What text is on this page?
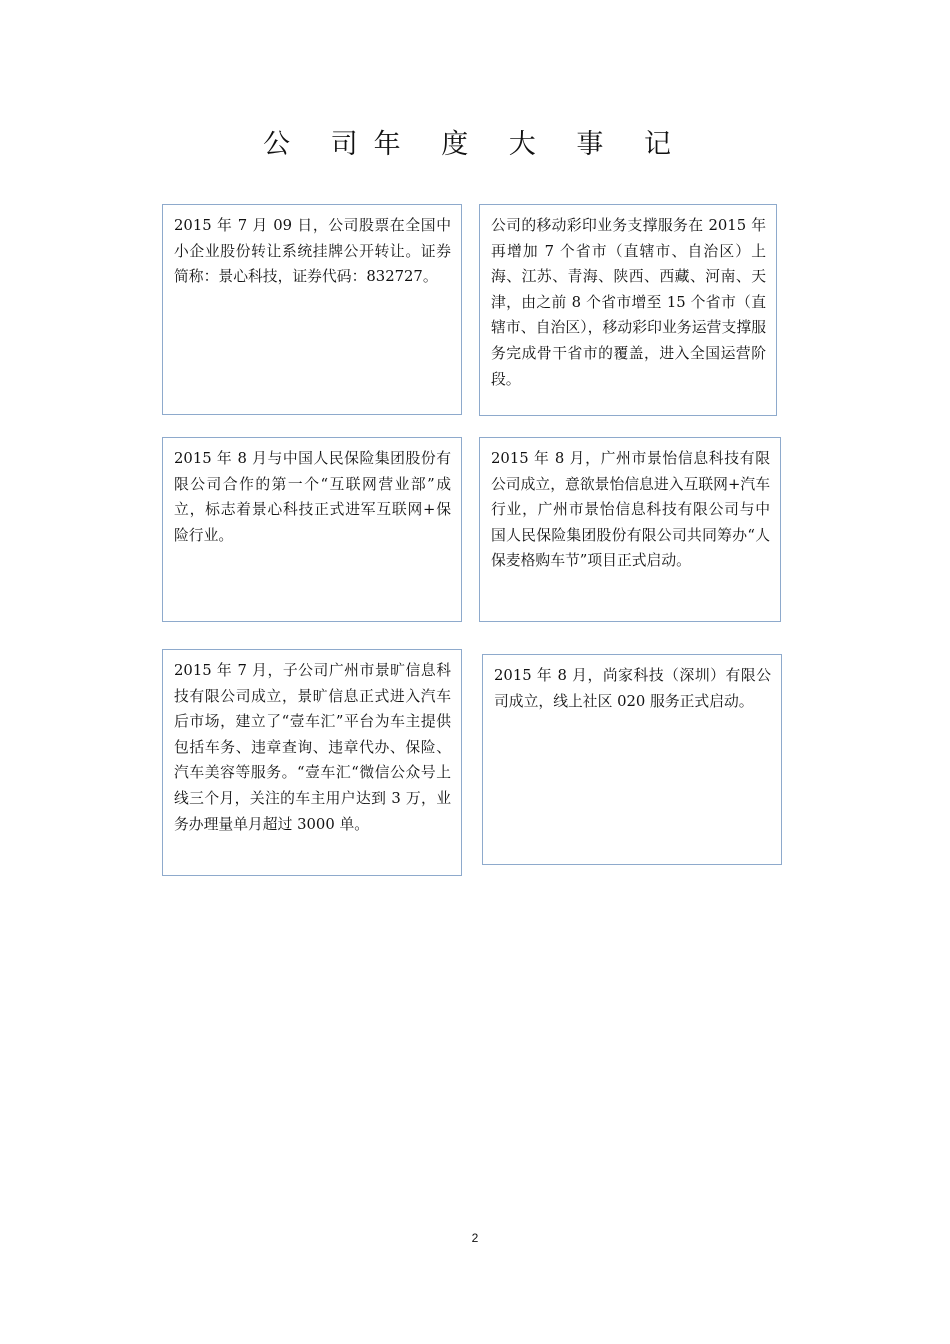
公 司年 度 大 事 记

2015 年 7 月 09 日，公司股票在全国中小企业股份转让系统挂牌公开转让。证券简称：景心科技，证券代码：832727。

公司的移动彩印业务支撑服务在 2015 年再增加 7 个省市（直辖市、自治区）上海、江苏、青海、陕西、西藏、河南、天津，由之前 8 个省市增至 15 个省市（直辖市、自治区），移动彩印业务运营支撑服务完成骨干省市的覆盖，进入全国运营阶段。

2015 年 8 月与中国人民保险集团股份有限公司合作的第一个“互联网营业部”成立，标志着景心科技正式进军互联网+保险行业。

2015 年 8 月，广州市景怡信息科技有限公司成立，意欲景怡信息进入互联网+汽车行业，广州市景怡信息科技有限公司与中国人民保险集团股份有限公司共同筹办“人保麦格购车节”项目正式启动。

2015 年 7 月，子公司广州市景旷信息科技有限公司成立，景旷信息正式进入汽车后市场，建立了“壹车汇”平台为车主提供包括车务、违章查询、违章代办、保险、汽车美容等服务。“壹车汇“微信公众号上线三个月，关注的车主用户达到 3 万，业务办理量单月超过 3000 单。

2015 年 8 月，尚家科技（深圳）有限公司成立，线上社区 020 服务正式启动。

2
